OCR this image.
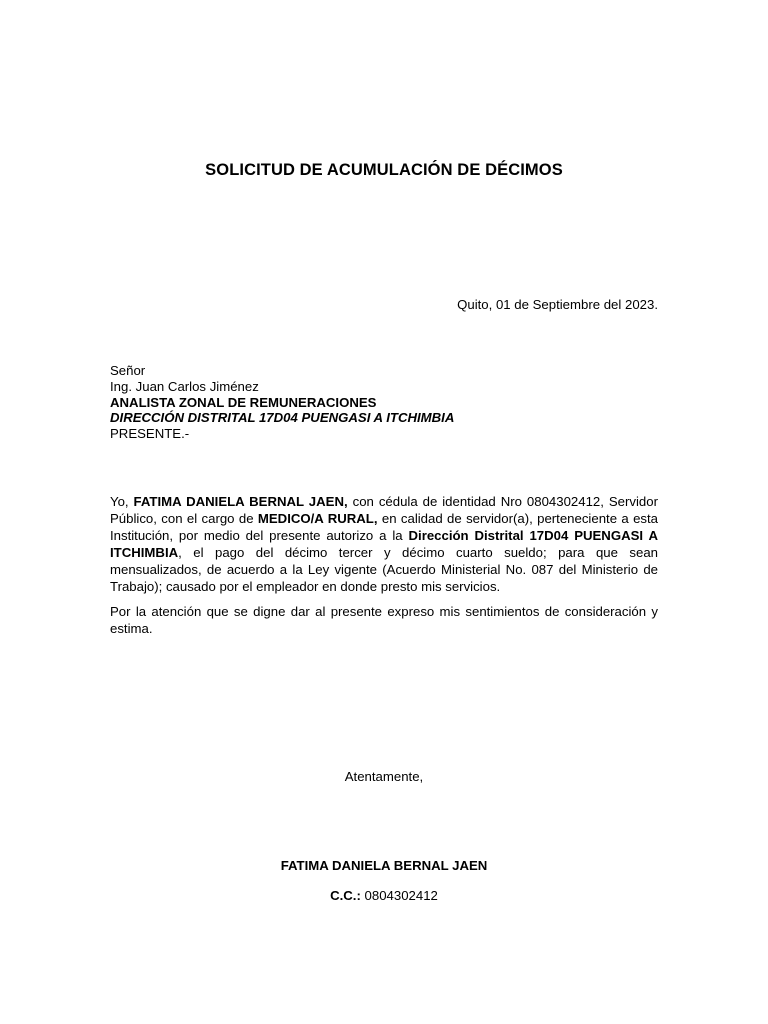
SOLICITUD DE ACUMULACIÓN DE DÉCIMOS
Quito, 01 de Septiembre del 2023.
Señor
Ing. Juan Carlos Jiménez
ANALISTA ZONAL DE REMUNERACIONES
DIRECCIÓN DISTRITAL 17D04 PUENGASI A ITCHIMBIA
PRESENTE.-

Yo, FATIMA DANIELA BERNAL JAEN, con cédula de identidad Nro 0804302412, Servidor Público, con el cargo de MEDICO/A RURAL, en calidad de servidor(a), perteneciente a esta Institución, por medio del presente autorizo a la Dirección Distrital 17D04 PUENGASI A ITCHIMBIA, el pago del décimo tercer y décimo cuarto sueldo; para que sean mensualizados, de acuerdo a la Ley vigente (Acuerdo Ministerial No. 087 del Ministerio de Trabajo); causado por el empleador en donde presto mis servicios.

Por la atención que se digne dar al presente expreso mis sentimientos de consideración y estima.

Atentamente,
FATIMA DANIELA BERNAL JAEN
C.C.: 0804302412
